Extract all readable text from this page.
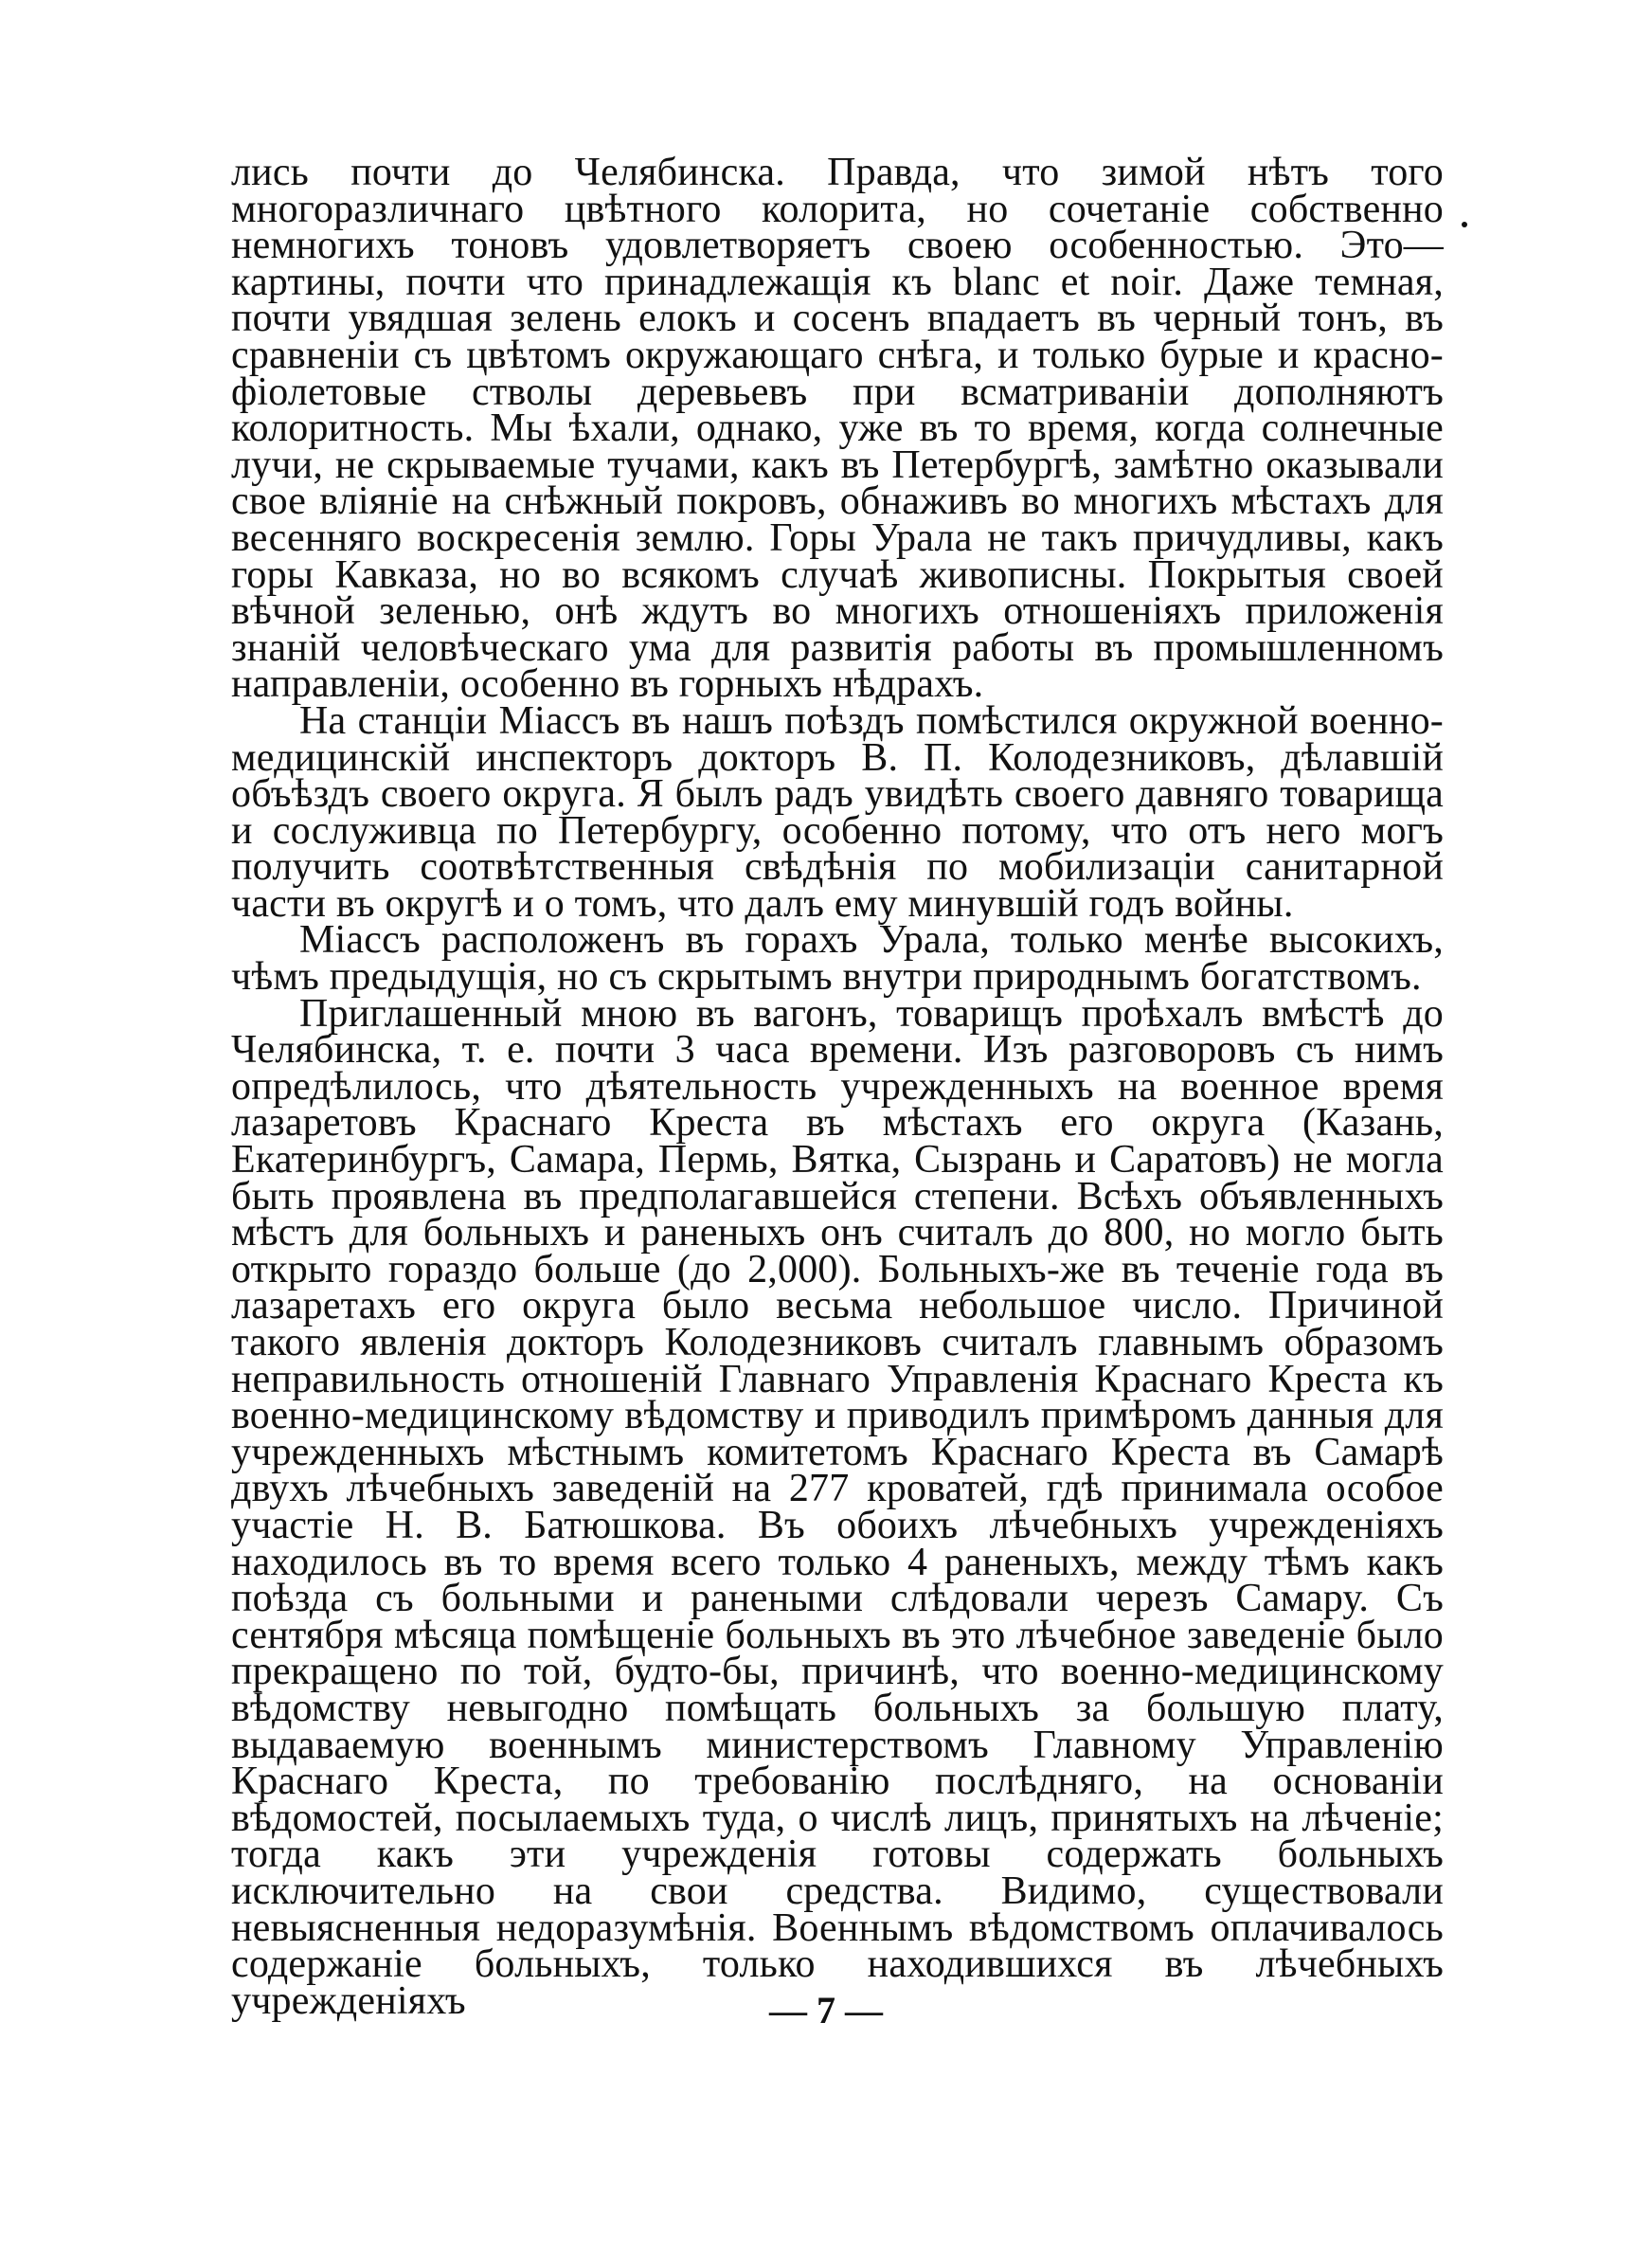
лись почти до Челябинска. Правда, что зимой нѣтъ того многоразличнаго цвѣтного колорита, но сочетаніе собственно немногихъ тоновъ удовлетворяетъ своею особенностью. Это—картины, почти что принадлежащія къ blanc et noir. Даже темная, почти увядшая зелень елокъ и сосенъ впадаетъ въ черный тонъ, въ сравненіи съ цвѣтомъ окружающаго снѣга, и только бурые и красно-фіолетовые стволы деревьевъ при всматриваніи дополняютъ колоритность. Мы ѣхали, однако, уже въ то время, когда солнечные лучи, не скрываемые тучами, какъ въ Петербургѣ, замѣтно оказывали свое вліяніе на снѣжный покровъ, обнаживъ во многихъ мѣстахъ для весенняго воскресенія землю. Горы Урала не такъ причудливы, какъ горы Кавказа, но во всякомъ случаѣ живописны. Покрытыя своей вѣчной зеленью, онѣ ждутъ во многихъ отношеніяхъ приложенія знаній человѣческаго ума для развитія работы въ промышленномъ направленіи, особенно въ горныхъ нѣдрахъ.

На станціи Міассъ въ нашъ поѣздъ помѣстился окружной военно-медицинскій инспекторъ докторъ В. П. Колодезниковъ, дѣлавшій объѣздъ своего округа. Я былъ радъ увидѣть своего давняго товарища и сослуживца по Петербургу, особенно потому, что отъ него могъ получить соотвѣтственныя свѣдѣнія по мобилизаціи санитарной части въ округѣ и о томъ, что далъ ему минувшій годъ войны.

Міассъ расположенъ въ горахъ Урала, только менѣе высокихъ, чѣмъ предыдущія, но съ скрытымъ внутри природнымъ богатствомъ.

Приглашенный мною въ вагонъ, товарищъ проѣхалъ вмѣстѣ до Челябинска, т. е. почти 3 часа времени. Изъ разговоровъ съ нимъ опредѣлилось, что дѣятельность учрежденныхъ на военное время лазаретовъ Краснаго Креста въ мѣстахъ его округа (Казань, Екатеринбургъ, Самара, Пермь, Вятка, Сызрань и Саратовъ) не могла быть проявлена въ предполагавшейся степени. Всѣхъ объявленныхъ мѣстъ для больныхъ и раненыхъ онъ считалъ до 800, но могло быть открыто гораздо больше (до 2,000). Больныхъ-же въ теченіе года въ лазаретахъ его округа было весьма небольшое число. Причиной такого явленія докторъ Колодезниковъ считалъ главнымъ образомъ неправильность отношеній Главнаго Управленія Краснаго Креста къ военно-медицинскому вѣдомству и приводилъ примѣромъ данныя для учрежденныхъ мѣстнымъ комитетомъ Краснаго Креста въ Самарѣ двухъ лѣчебныхъ заведеній на 277 кроватей, гдѣ принимала особое участіе Н. В. Батюшкова. Въ обоихъ лѣчебныхъ учрежденіяхъ находилось въ то время всего только 4 раненыхъ, между тѣмъ какъ поѣзда съ больными и ранеными слѣдовали черезъ Самару. Съ сентября мѣсяца помѣщеніе больныхъ въ это лѣчебное заведеніе было прекращено по той, будто-бы, причинѣ, что военно-медицинскому вѣдомству невыгодно помѣщать больныхъ за большую плату, выдаваемую военнымъ министерствомъ Главному Управленію Краснаго Креста, по требованію послѣдняго, на основаніи вѣдомостей, посылаемыхъ туда, о числѣ лицъ, принятыхъ на лѣченіе; тогда какъ эти учрежденія готовы содержать больныхъ исключительно на свои средства. Видимо, существовали невыясненныя недоразумѣнія. Военнымъ вѣдомствомъ оплачивалось содержаніе больныхъ, только находившихся въ лѣчебныхъ учрежденіяхъ	— 7 —
